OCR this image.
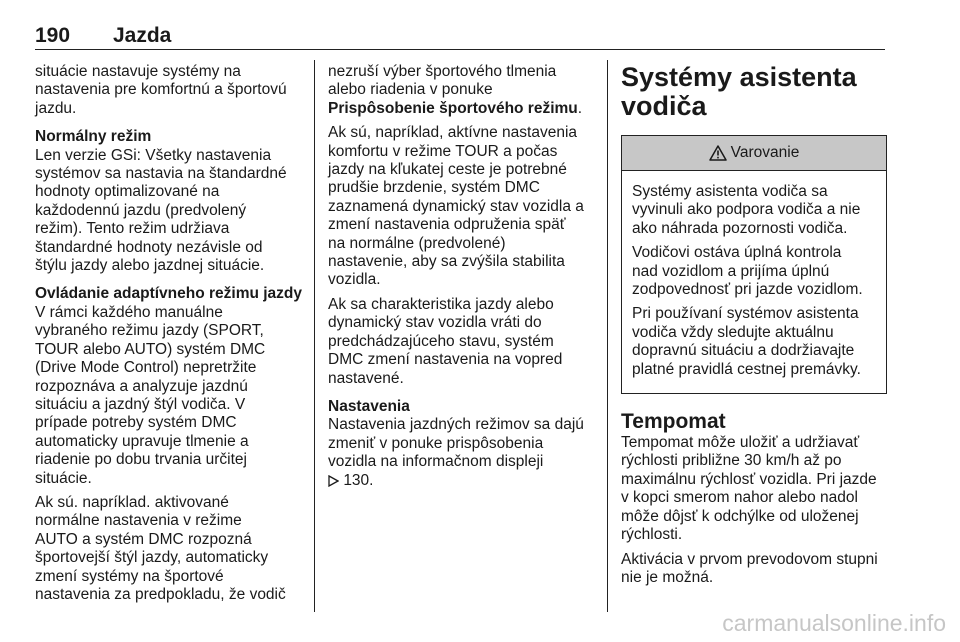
190 Jazda

situácie nastavuje systémy na
nastavenia pre komfortnú a športovú
jazdu.

Normálny režim

Len verzie GSi: Všetky nastavenia
systémov sa nastavia na štandardné
hodnoty optimalizované na
každodennú jazdu (predvolený
režim). Tento režim udržiava
štandardné hodnoty nezávisle od
štýlu jazdy alebo jazdnej situácie.

Ovládanie adaptívneho režimu jazdy

V rámci každého manuálne
vybraného režimu jazdy (SPORT,
TOUR alebo AUTO) systém DMC
(Drive Mode Control) nepretržite
rozpoznáva a analyzuje jazdnú
situáciu a jazdný štýl vodiča. V
prípade potreby systém DMC
automaticky upravuje tlmenie a
riadenie po dobu trvania určitej
situácie.

Ak sú. napríklad. aktivované
normálne nastavenia v režime
AUTO a systém DMC rozpozná
športovejší štýl jazdy, automaticky
zmení systémy na športové
nastavenia za predpokladu, že vodič

nezruší výber športového tlmenia
alebo riadenia v ponuke
Prispôsobenie športového režimu.

Ak sú, napríklad, aktívne nastavenia
komfortu v režime TOUR a počas
jazdy na kľukatej ceste je potrebné
prudšie brzdenie, systém DMC
zaznamená dynamický stav vozidla a
zmení nastavenia odpruženia späť
na normálne (predvolené)
nastavenie, aby sa zvýšila stabilita
vozidla.

Ak sa charakteristika jazdy alebo
dynamický stav vozidla vráti do
predchádzajúceho stavu, systém
DMC zmení nastavenia na vopred
nastavené.

Nastavenia

Nastavenia jazdných režimov sa dajú
zmeniť v ponuke prispôsobenia
vozidla na informačnom displeji
130.

Systémy asistenta
vodiča

Varovanie

Systémy asistenta vodiča sa
vyvinuli ako podpora vodiča a nie
ako náhrada pozornosti vodiča.

Vodičovi ostáva úplná kontrola
nad vozidlom a prijíma úplnú
zodpovednosť pri jazde vozidlom.

Pri používaní systémov asistenta
vodiča vždy sledujte aktuálnu
dopravnú situáciu a dodržiavajte
platné pravidlá cestnej premávky.

Tempomat

Tempomat môže uložiť a udržiavať
rýchlosti približne 30 km/h až po
maximálnu rýchlosť vozidla. Pri jazde
v kopci smerom nahor alebo nadol
môže dôjsť k odchýlke od uloženej
rýchlosti.

Aktivácia v prvom prevodovom stupni
nie je možná.

carmanualsonline.info
